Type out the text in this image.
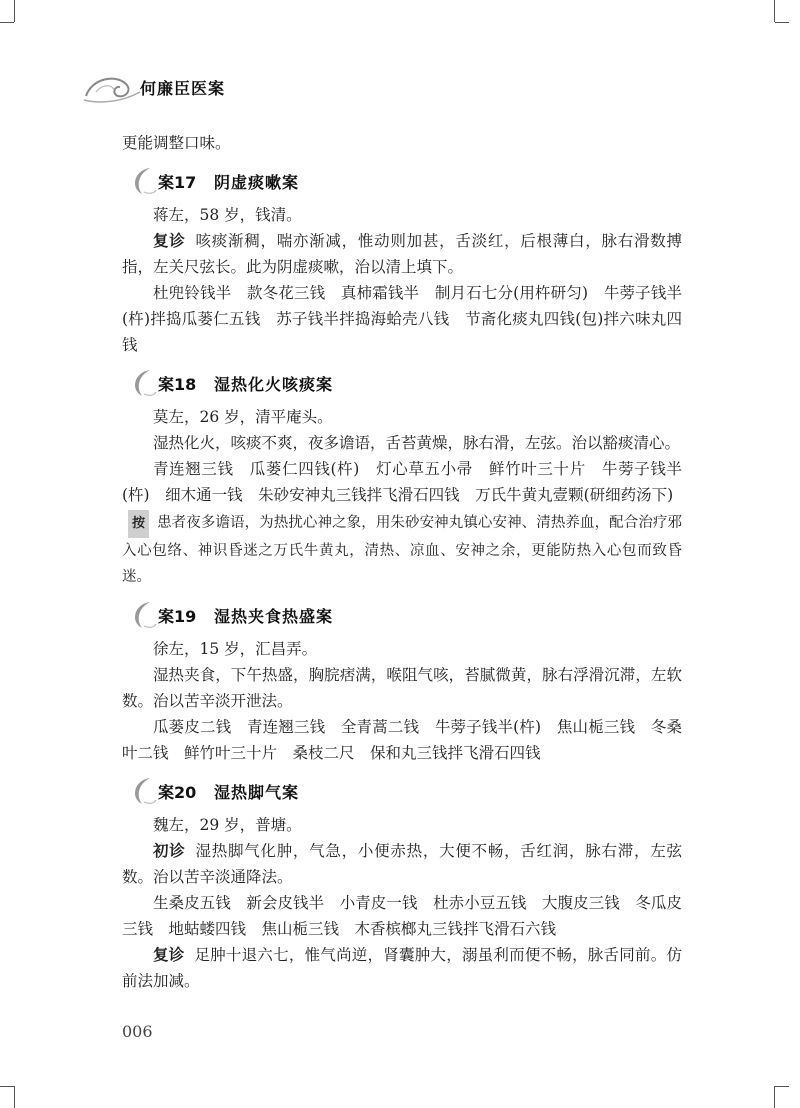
何廉臣医案

更能调整口味。

案17 阴虚痰嗽案

蒋左，58 岁，钱清。

复诊 咳痰渐稠，喘亦渐减，惟动则加甚，舌淡红，后根薄白，脉右滑数搏指，左关尺弦长。此为阴虚痰嗽，治以清上填下。

杜兜铃钱半　款冬花三钱　真柿霜钱半　制月石七分(用杵研匀)　牛蒡子钱半(杵)拌捣瓜蒌仁五钱　苏子钱半拌捣海蛤壳八钱　节斋化痰丸四钱(包)拌六味丸四钱

案18 湿热化火咳痰案

莫左，26 岁，清平庵头。

湿热化火，咳痰不爽，夜多谵语，舌苔黄燥，脉右滑，左弦。治以豁痰清心。

青连翘三钱　瓜蒌仁四钱(杵)　灯心草五小帚　鲜竹叶三十片　牛蒡子钱半(杵)　细木通一钱　朱砂安神丸三钱拌飞滑石四钱　万氏牛黄丸壹颗(研细药汤下)

按 患者夜多谵语，为热扰心神之象，用朱砂安神丸镇心安神、清热养血，配合治疗邪入心包络、神识昏迷之万氏牛黄丸，清热、凉血、安神之余，更能防热入心包而致昏迷。

案19 湿热夹食热盛案

徐左，15 岁，汇昌弄。

湿热夹食，下午热盛，胸脘痞满，喉阻气咳，苔腻微黄，脉右浮滑沉滞，左软数。治以苦辛淡开泄法。

瓜蒌皮二钱　青连翘三钱　全青蒿二钱　牛蒡子钱半(杵)　焦山栀三钱　冬桑叶二钱　鲜竹叶三十片　桑枝二尺　保和丸三钱拌飞滑石四钱

案20 湿热脚气案

魏左，29 岁，普塘。

初诊 湿热脚气化肿，气急，小便赤热，大便不畅，舌红润，脉右滞，左弦数。治以苦辛淡通降法。

生桑皮五钱　新会皮钱半　小青皮一钱　杜赤小豆五钱　大腹皮三钱　冬瓜皮三钱　地蛄蝼四钱　焦山栀三钱　木香槟榔丸三钱拌飞滑石六钱

复诊 足肿十退六七，惟气尚逆，肾囊肿大，溺虽利而便不畅，脉舌同前。仿前法加减。

006
